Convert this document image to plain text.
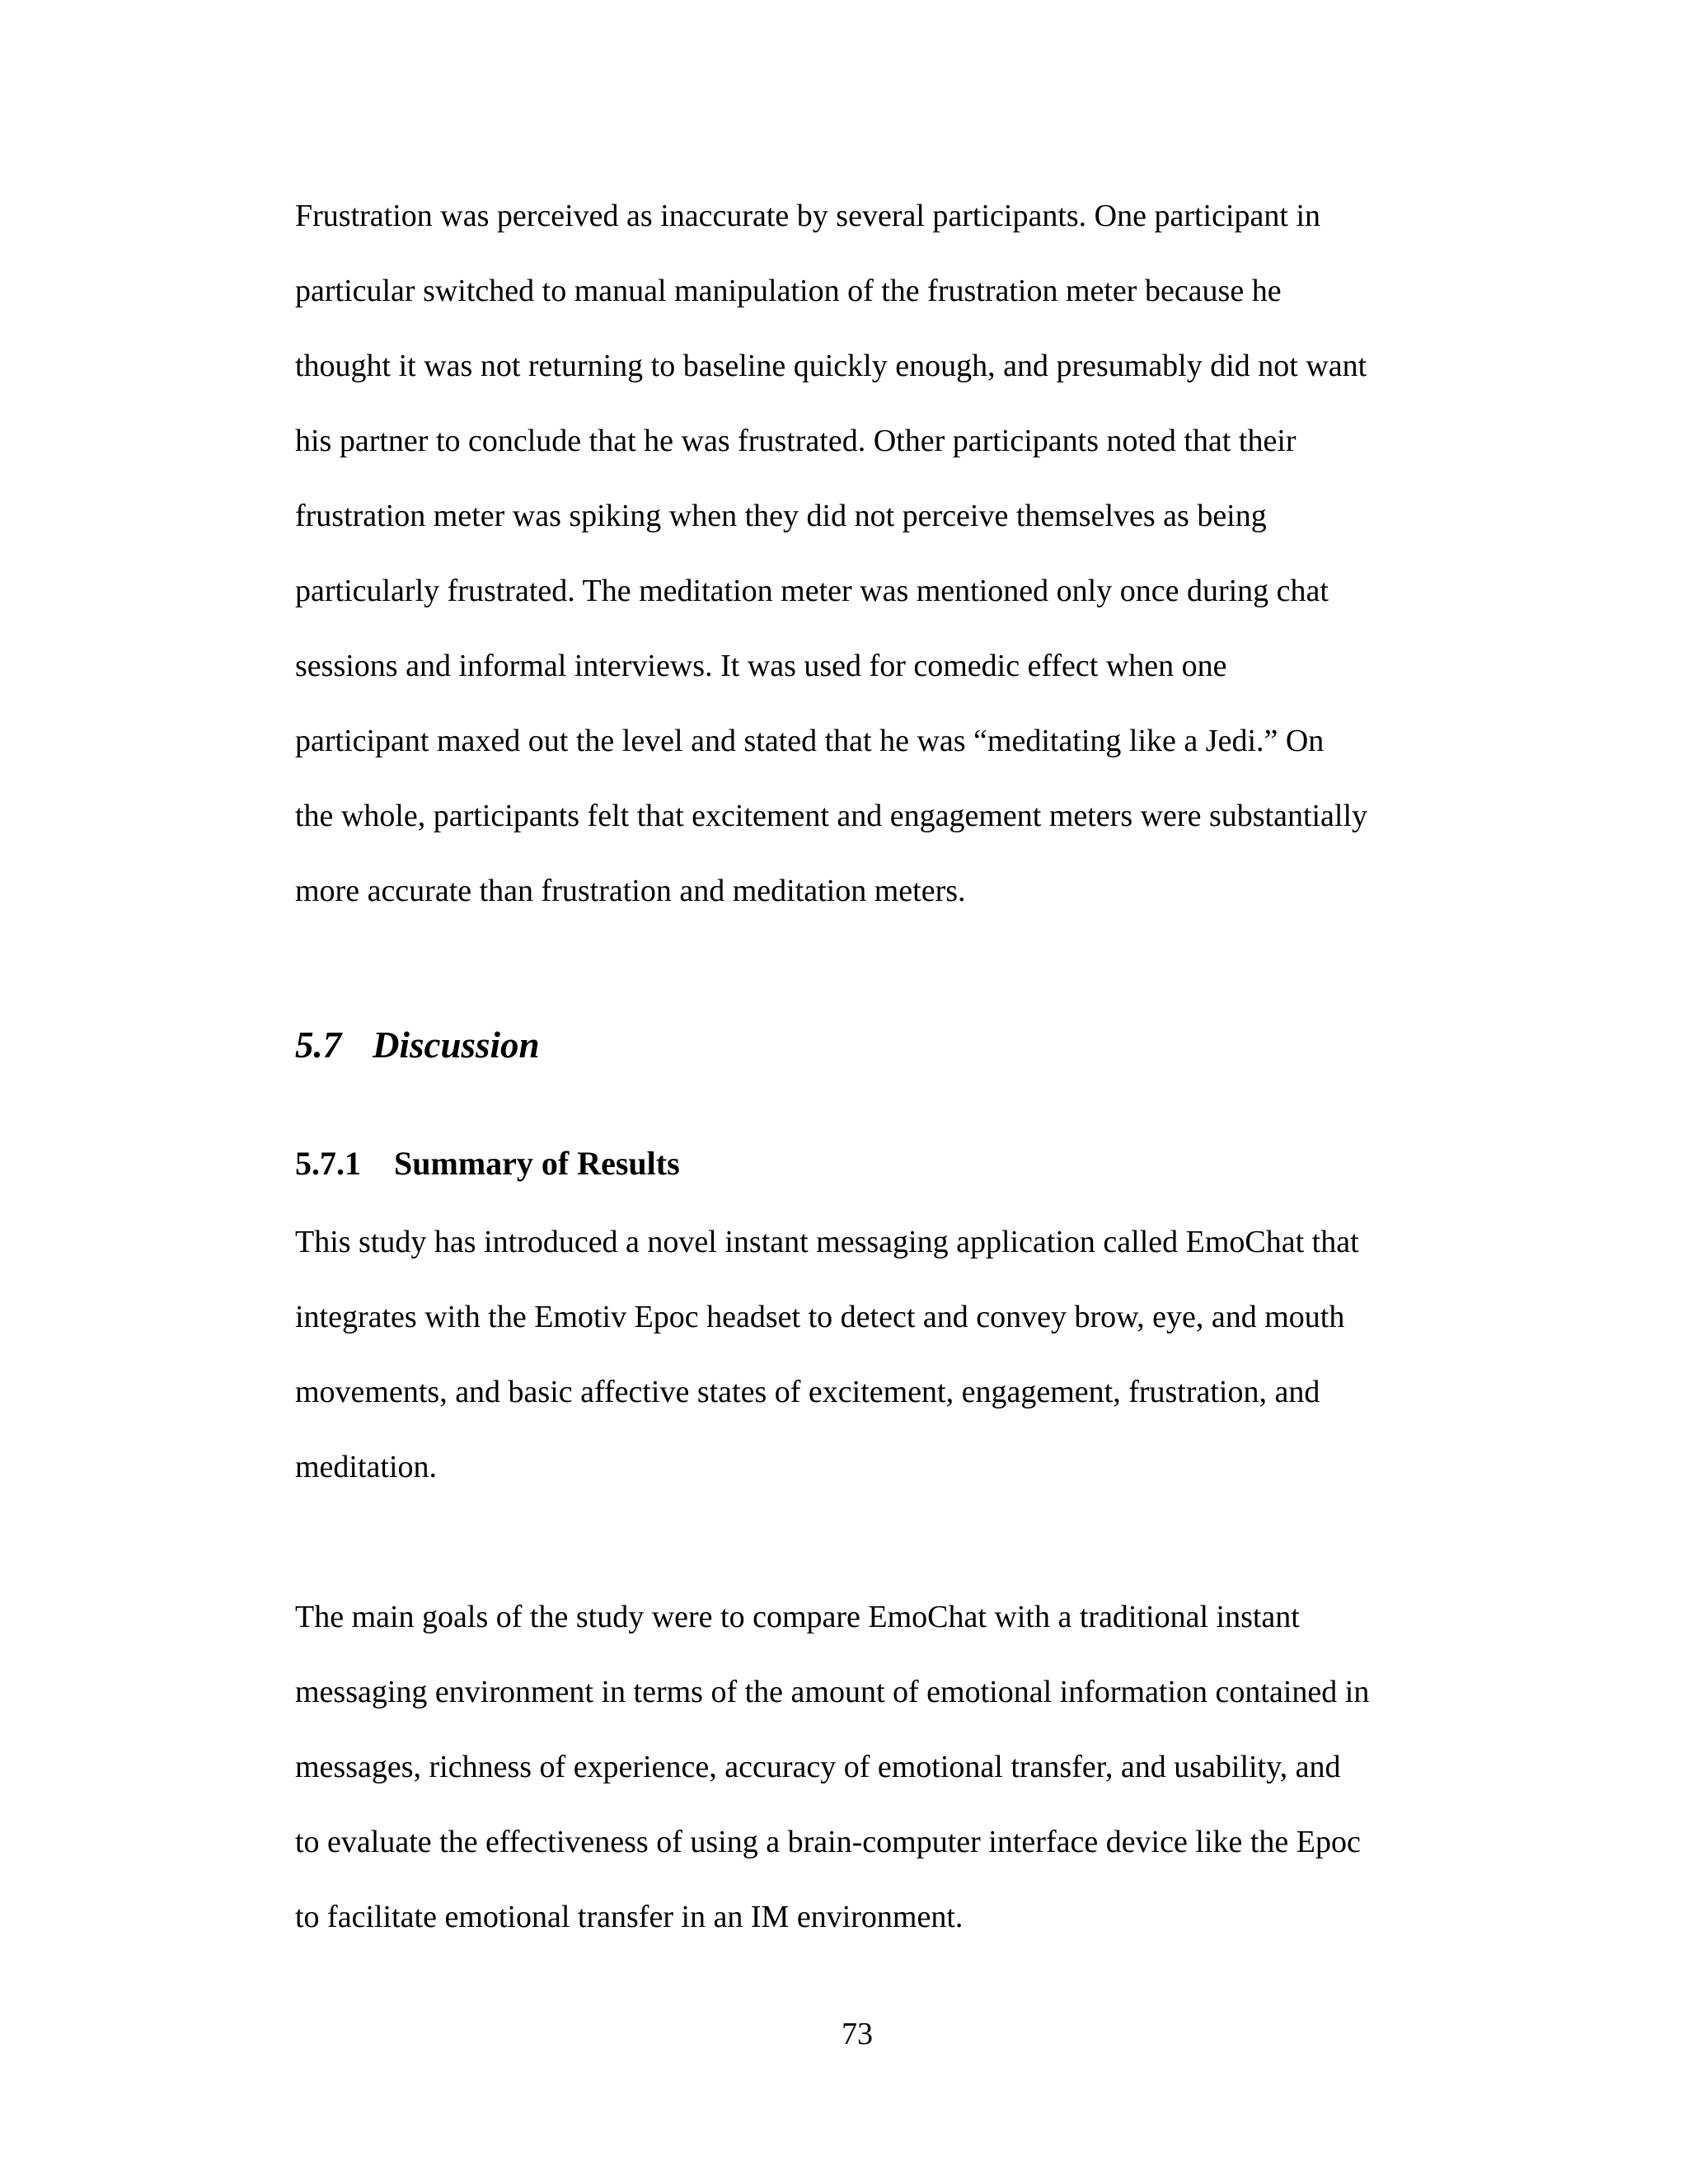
Frustration was perceived as inaccurate by several participants. One participant in
particular switched to manual manipulation of the frustration meter because he
thought it was not returning to baseline quickly enough, and presumably did not want
his partner to conclude that he was frustrated. Other participants noted that their
frustration meter was spiking when they did not perceive themselves as being
particularly frustrated. The meditation meter was mentioned only once during chat
sessions and informal interviews. It was used for comedic effect when one
participant maxed out the level and stated that he was “meditating like a Jedi.” On
the whole, participants felt that excitement and engagement meters were substantially
more accurate than frustration and meditation meters.
5.7 Discussion
5.7.1 Summary of Results
This study has introduced a novel instant messaging application called EmoChat that
integrates with the Emotiv Epoc headset to detect and convey brow, eye, and mouth
movements, and basic affective states of excitement, engagement, frustration, and
meditation.
The main goals of the study were to compare EmoChat with a traditional instant
messaging environment in terms of the amount of emotional information contained in
messages, richness of experience, accuracy of emotional transfer, and usability, and
to evaluate the effectiveness of using a brain-computer interface device like the Epoc
to facilitate emotional transfer in an IM environment.
73
